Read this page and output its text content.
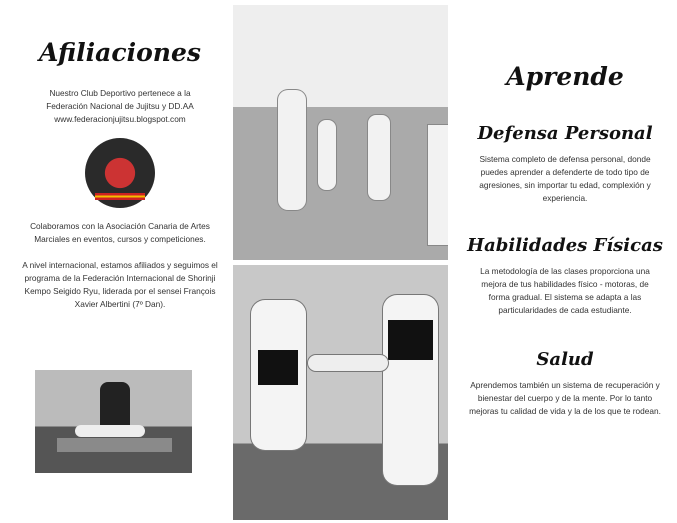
Afiliaciones
Nuestro Club Deportivo pertenece a la
Federación Nacional de Jujitsu y DD.AA
www.federacionjujitsu.blogspot.com
Colaboramos con la Asociación Canaria de Artes Marciales en eventos, cursos y competiciones.
A nivel internacional, estamos afiliados y seguimos el programa de la Federación Internacional de Shorinji Kempo Seigido Ryu, liderada por el sensei François Xavier Albertini (7º Dan).
Aprende
Defensa Personal
Sistema completo de defensa personal, donde puedes aprender a defenderte de todo tipo de agresiones, sin importar tu edad, complexión y experiencia.
Habilidades Físicas
La metodología de las clases proporciona una mejora de tus habilidades físico - motoras, de forma gradual. El sistema se adapta a las particularidades de cada estudiante.
Salud
Aprendemos también un sistema de recuperación y bienestar del cuerpo y de la mente. Por lo tanto mejoras tu calidad de vida y la de los que te rodean.
